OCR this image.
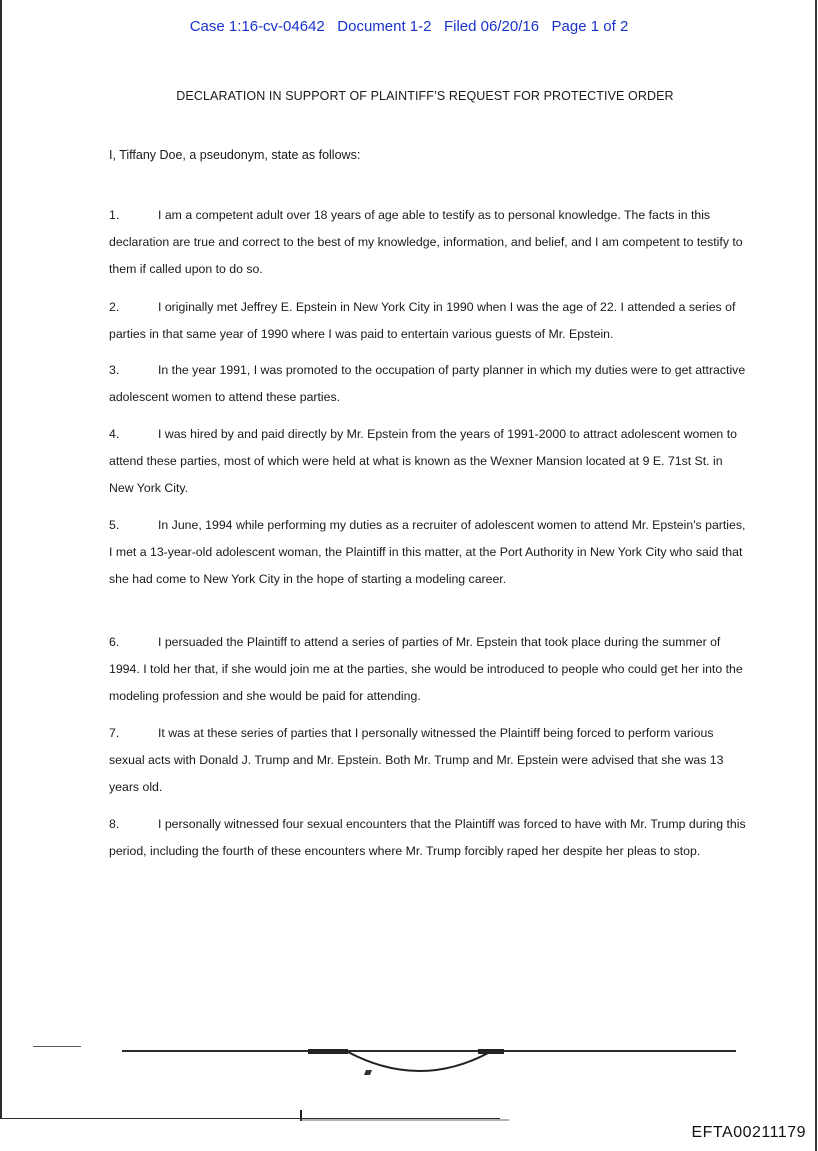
Case 1:16-cv-04642   Document 1-2   Filed 06/20/16   Page 1 of 2
DECLARATION IN SUPPORT OF PLAINTIFF’S REQUEST FOR PROTECTIVE ORDER
I, Tiffany Doe, a pseudonym, state as follows:
1.	I am a competent adult over 18 years of age able to testify as to personal knowledge. The facts in this declaration are true and correct to the best of my knowledge, information, and belief, and I am competent to testify to them if called upon to do so.
2.	I originally met Jeffrey E. Epstein in New York City in 1990 when I was the age of 22. I attended a series of parties in that same year of 1990 where I was paid to entertain various guests of Mr. Epstein.
3.	In the year 1991, I was promoted to the occupation of party planner in which my duties were to get attractive adolescent women to attend these parties.
4.	I was hired by and paid directly by Mr. Epstein from the years of 1991-2000 to attract adolescent women to attend these parties, most of which were held at what is known as the Wexner Mansion located at 9 E. 71st St. in New York City.
5.	In June, 1994 while performing my duties as a recruiter of adolescent women to attend Mr. Epstein's parties, I met a 13-year-old adolescent woman, the Plaintiff in this matter, at the Port Authority in New York City who said that she had come to New York City in the hope of starting a modeling career.
6.	I persuaded the Plaintiff to attend a series of parties of Mr. Epstein that took place during the summer of 1994. I told her that, if she would join me at the parties, she would be introduced to people who could get her into the modeling profession and she would be paid for attending.
7.	It was at these series of parties that I personally witnessed the Plaintiff being forced to perform various sexual acts with Donald J. Trump and Mr. Epstein. Both Mr. Trump and Mr. Epstein were advised that she was 13 years old.
8.	I personally witnessed four sexual encounters that the Plaintiff was forced to have with Mr. Trump during this period, including the fourth of these encounters where Mr. Trump forcibly raped her despite her pleas to stop.
EFTA00211179
